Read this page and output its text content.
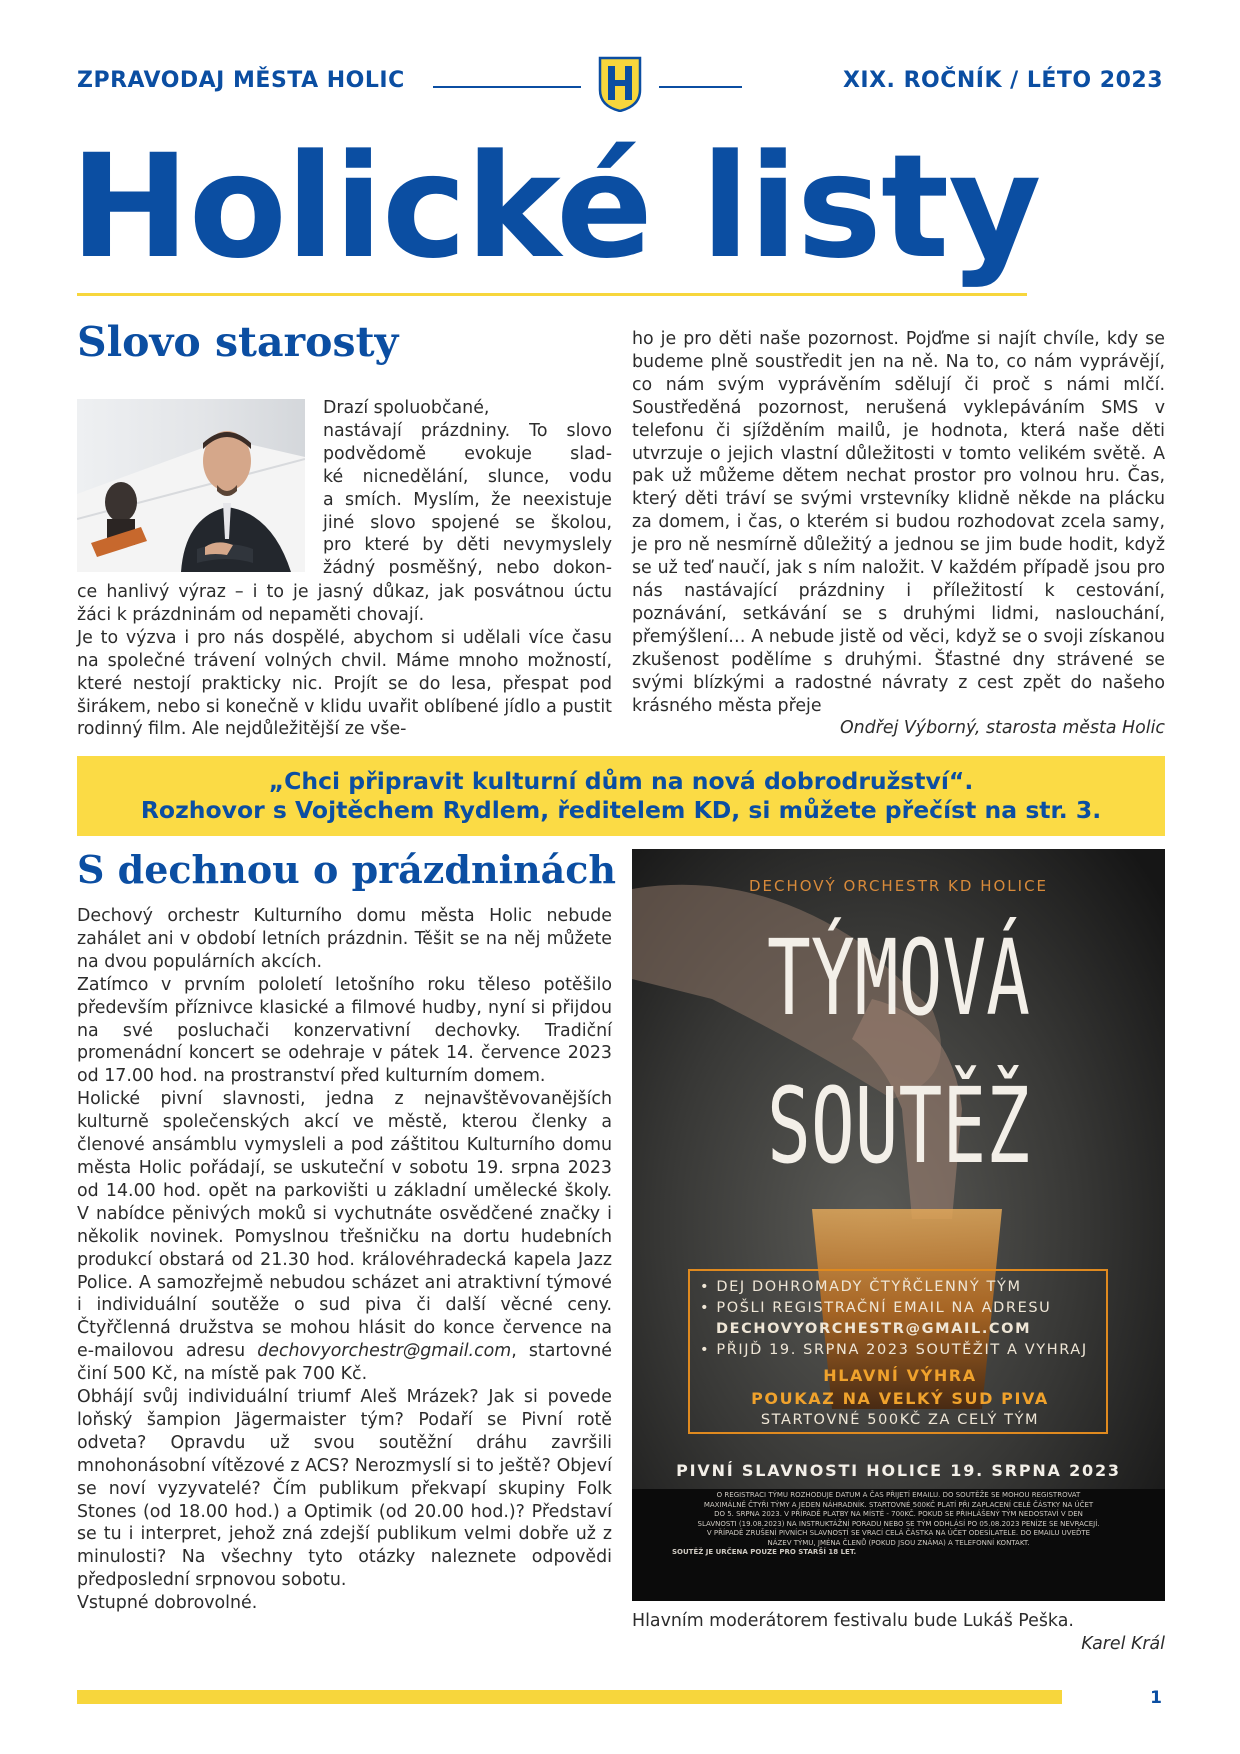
ZPRAVODAJ MĚSTA HOLIC	XIX. ROČNÍK / LÉTO 2023
Holické listy
Slovo starosty

Drazí spoluobčané,

nastávají prázdniny. To slovo

podvědomě evokuje slad-

ké nicnedělání, slunce, vodu

a smích. Myslím, že neexistuje

jiné slovo spojené se školou,

pro které by děti nevymyslely

žádný posměšný, nebo dokon-

ce hanlivý výraz – i to je jasný důkaz, jak posvátnou úctu žáci k prázdninám od nepaměti chovají.

Je to výzva i pro nás dospělé, abychom si udělali více času na společné trávení volných chvil. Máme mnoho možností, které nestojí prakticky nic. Projít se do lesa, přespat pod širákem, nebo si konečně v klidu uvařit oblíbené jídlo a pustit rodinný film. Ale nejdůležitější ze vše-

ho je pro děti naše pozornost. Pojďme si najít chvíle, kdy se budeme plně soustředit jen na ně. Na to, co nám vyprávějí, co nám svým vyprávěním sdělují či proč s námi mlčí. Soustředěná pozornost, nerušená vyklepáváním SMS v telefonu či sjížděním mailů, je hodnota, která naše děti utvrzuje o jejich vlastní důležitosti v tomto velikém světě. A pak už můžeme dětem nechat prostor pro volnou hru. Čas, který děti tráví se svými vrstevníky klidně někde na plácku za domem, i čas, o kterém si budou rozhodovat zcela samy, je pro ně nesmírně důležitý a jednou se jim bude hodit, když se už teď naučí, jak s ním naložit. V každém případě jsou pro nás nastávající prázdniny i příležitostí k cestování, poznávání, setkávání se s druhými lidmi, naslouchání, přemýšlení… A nebude jistě od věci, když se o svoji získanou zkušenost podělíme s druhými. Šťastné dny strávené se svými blízkými a radostné návraty z cest zpět do našeho krásného města přeje

Ondřej Výborný, starosta města Holic

„Chci připravit kulturní dům na nová dobrodružství“.
Rozhovor s Vojtěchem Rydlem, ředitelem KD, si můžete přečíst na str. 3.
S dechnou o prázdninách

Dechový orchestr Kulturního domu města Holic nebude zahálet ani v období letních prázdnin. Těšit se na něj můžete na dvou populárních akcích.

Zatímco v prvním pololetí letošního roku těleso potěšilo především příznivce klasické a filmové hudby, nyní si přijdou na své posluchači konzervativní dechovky. Tradiční promenádní koncert se odehraje v pátek 14. července 2023 od 17.00 hod. na prostranství před kulturním domem.

Holické pivní slavnosti, jedna z nejnavštěvovanějších kulturně společenských akcí ve městě, kterou členky a členové ansámblu vymysleli a pod záštitou Kulturního domu města Holic pořádají, se uskuteční v sobotu 19. srpna 2023 od 14.00 hod. opět na parkovišti u základní umělecké školy. V nabídce pěnivých moků si vychutnáte osvědčené značky i několik novinek. Pomyslnou třešničku na dortu hudebních produkcí obstará od 21.30 hod. královéhradecká kapela Jazz Police. A samozřejmě nebudou scházet ani atraktivní týmové i individuální soutěže o sud piva či další věcné ceny. Čtyřčlenná družstva se mohou hlásit do konce července na e-mailovou adresu dechovyorchestr@gmail.com, startovné činí 500 Kč, na místě pak 700 Kč.

Obhájí svůj individuální triumf Aleš Mrázek? Jak si povede loňský šampion Jägermaister tým? Podaří se Pivní rotě odveta? Opravdu už svou soutěžní dráhu završili mnohonásobní vítězové z ACS? Nerozmyslí si to ještě? Objeví se noví vyzyvatelé? Čím publikum překvapí skupiny Folk Stones (od 18.00 hod.) a Optimik (od 20.00 hod.)? Představí se tu i interpret, jehož zná zdejší publikum velmi dobře už z minulosti? Na všechny tyto otázky naleznete odpovědi předposlední srpnovou sobotu.

Vstupné dobrovolné.

DECHOVÝ ORCHESTR KD HOLICE
TÝMOVÁ
SOUTĚŽ
• DEJ DOHROMADY ČTYŘČLENNÝ TÝM
• POŠLI REGISTRAČNÍ EMAIL NA ADRESU
DECHOVYORCHESTR@GMAIL.COM
• PŘIJĎ 19. SRPNA 2023 SOUTĚŽIT A VYHRAJ
HLAVNÍ VÝHRA
POUKAZ NA VELKÝ SUD PIVA
STARTOVNÉ 500KČ ZA CELÝ TÝM
PIVNÍ SLAVNOSTI HOLICE 19. SRPNA 2023
O REGISTRACI TÝMU ROZHODUJE DATUM A ČAS PŘIJETÍ EMAILU. DO SOUTĚŽE SE MOHOU REGISTROVAT
MAXIMÁLNĚ ČTYŘI TÝMY A JEDEN NÁHRADNÍK. STARTOVNÉ 500KČ PLATÍ PŘI ZAPLACENÍ CELÉ ČÁSTKY NA ÚČET
DO 5. SRPNA 2023. V PŘÍPADĚ PLATBY NA MÍSTĚ - 700KČ. POKUD SE PŘIHLÁŠENÝ TÝM NEDOSTAVÍ V DEN
SLAVNOSTI (19.08.2023) NA INSTRUKTÁŽNÍ PORADU NEBO SE TÝM ODHLÁSÍ PO 05.08.2023 PENÍZE SE NEVRACEJÍ.
V PŘÍPADĚ ZRUŠENÍ PIVNÍCH SLAVNOSTÍ SE VRACÍ CELÁ ČÁSTKA NA ÚČET ODESÍLATELE. DO EMAILU UVEĎTE
NÁZEV TÝMU, JMÉNA ČLENŮ (POKUD JSOU ZNÁMA) A TELEFONNÍ KONTAKT.
SOUTĚŽ JE URČENA POUZE PRO STARŠÍ 18 LET.
Hlavním moderátorem festivalu bude Lukáš Peška.
Karel Král
1
